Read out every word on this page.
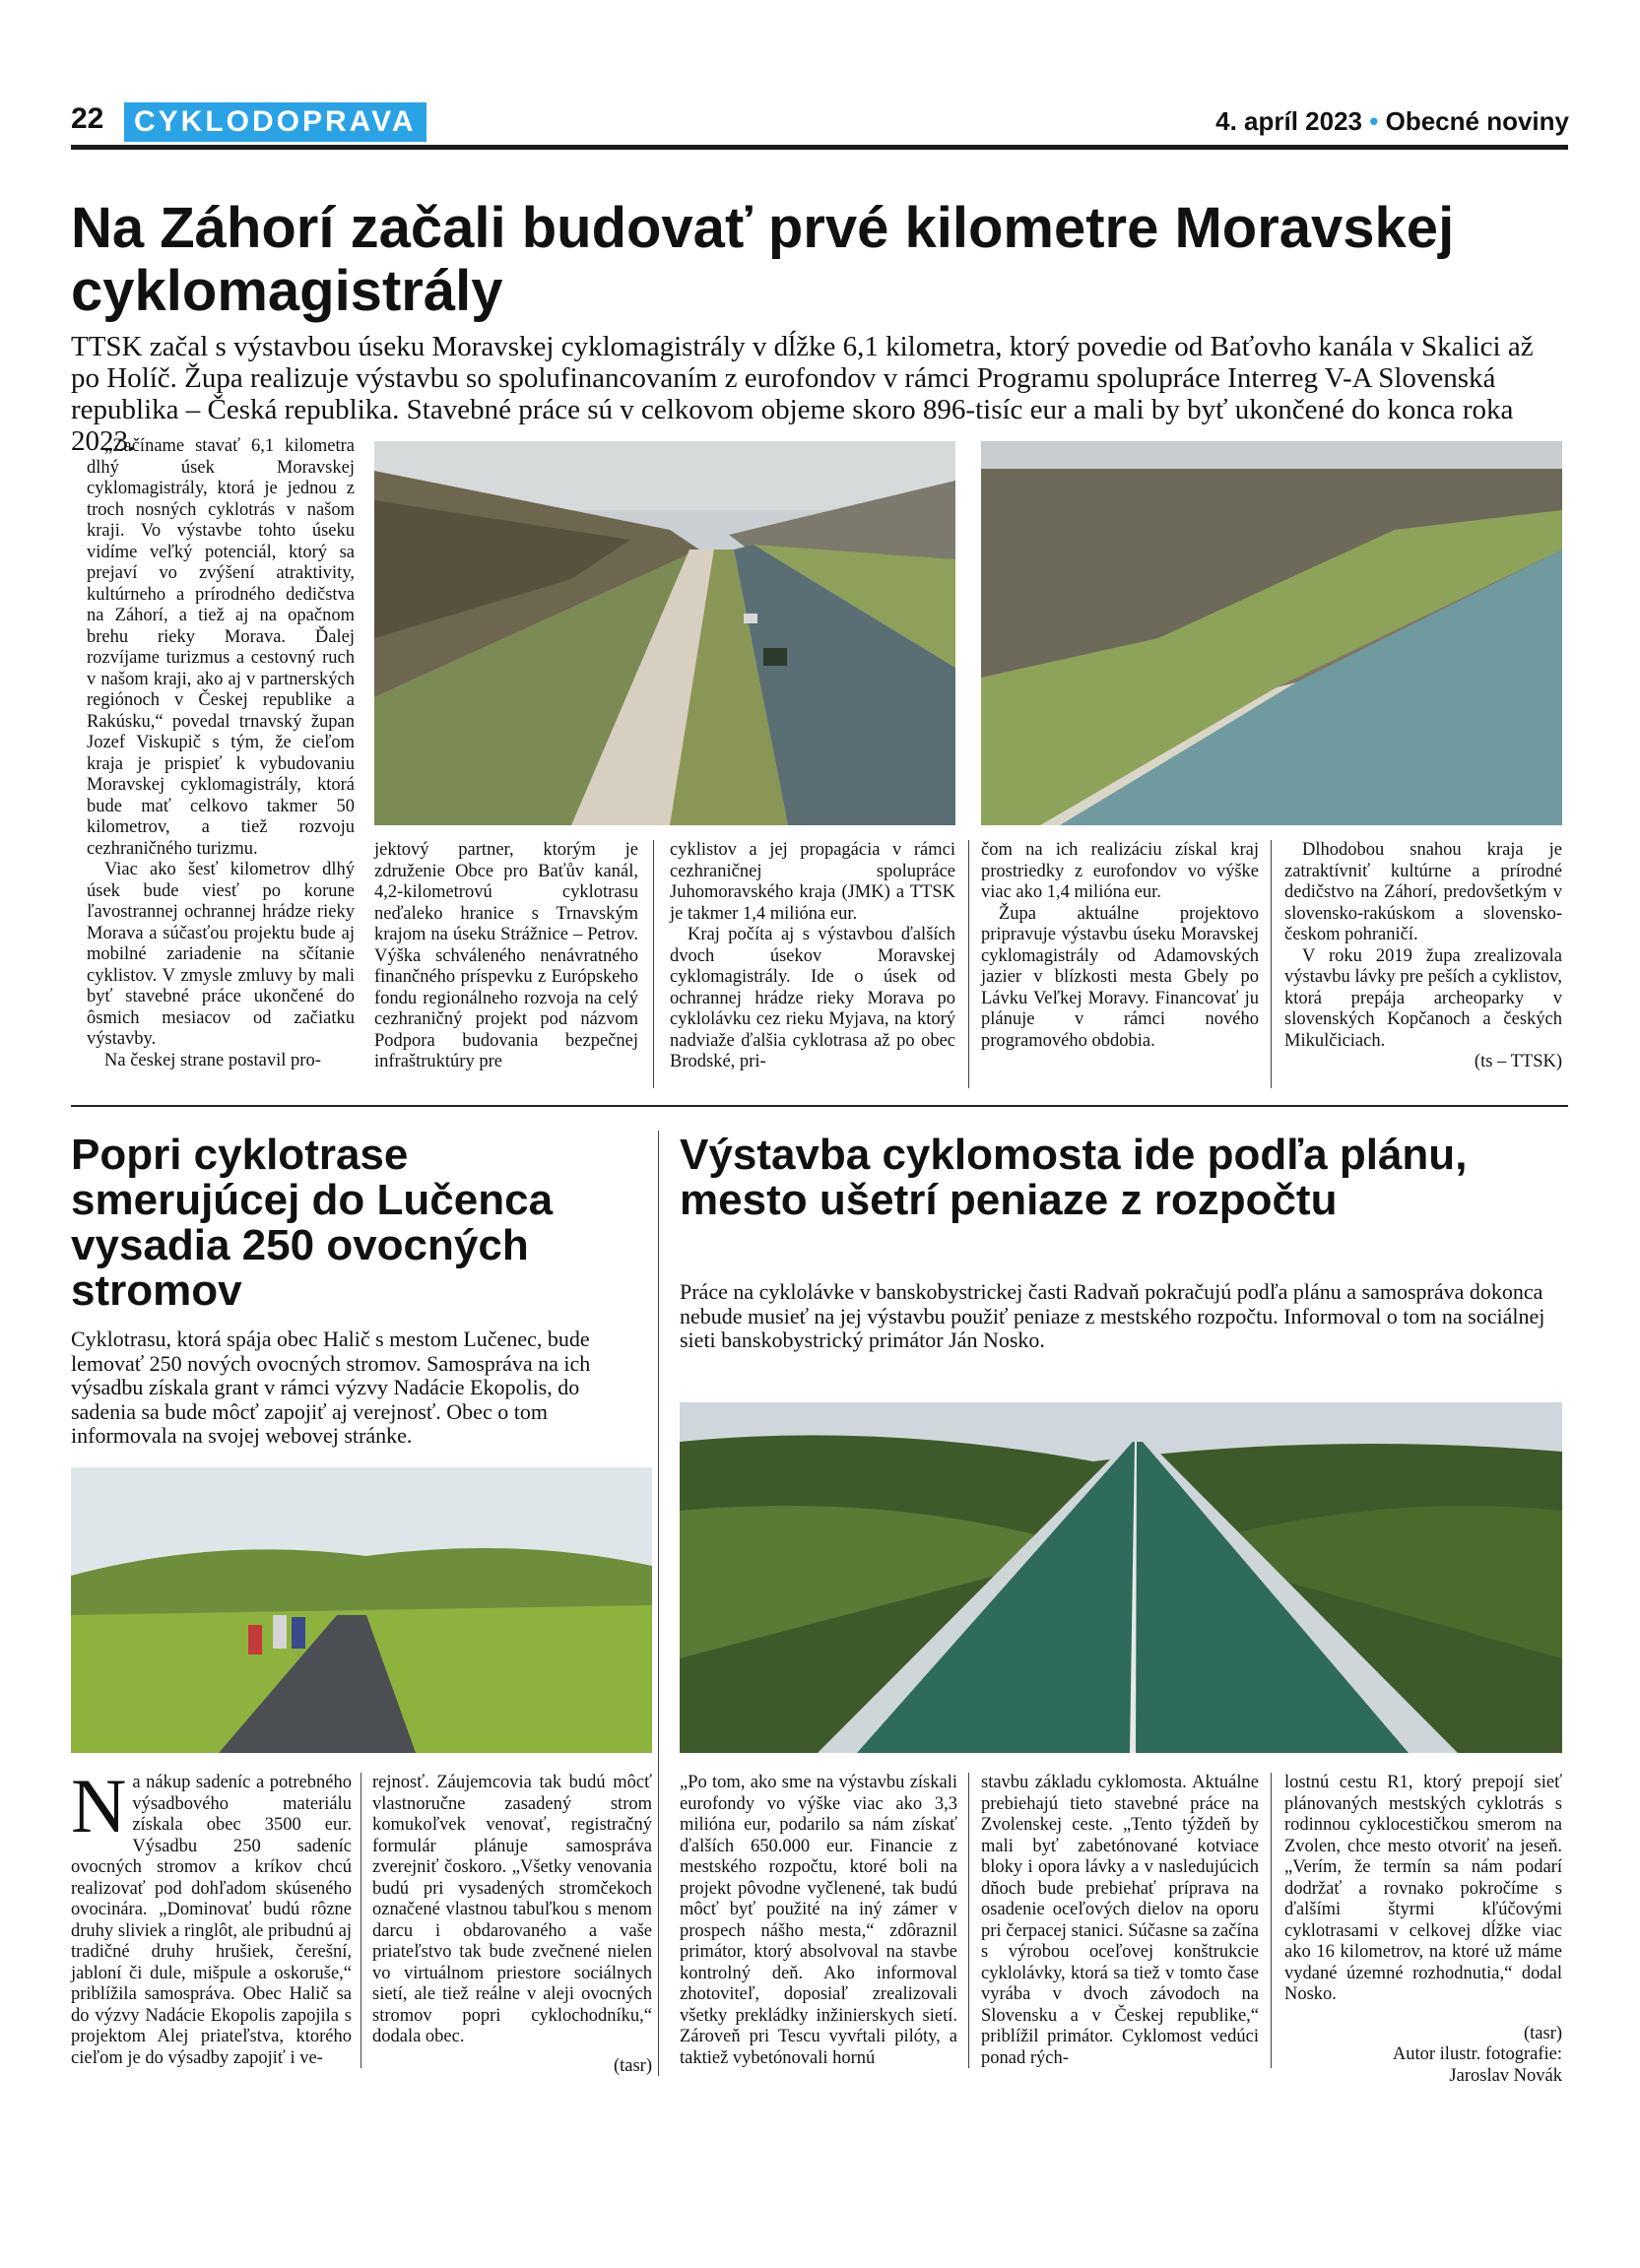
22	CYKLODOPRAVA	4. apríl 2023 • Obecné noviny
Na Záhorí začali budovať prvé kilometre Moravskej cyklomagistrály
TTSK začal s výstavbou úseku Moravskej cyklomagistrály v dĺžke 6,1 kilometra, ktorý povedie od Baťovho kanála v Skalici až po Holíč. Župa realizuje výstavbu so spolufinancovaním z eurofondov v rámci Programu spolupráce Interreg V-A Slovenská republika – Česká republika. Stavebné práce sú v celkovom objeme skoro 896-tisíc eur a mali by byť ukončené do konca roka 2023.

„Začíname stavať 6,1 kilometra dlhý úsek Moravskej cyklomagistrály, ktorá je jednou z troch nosných cyklotrás v našom kraji. Vo výstavbe tohto úseku vidíme veľký potenciál, ktorý sa prejaví vo zvýšení atraktivity, kultúrneho a prírodného dedičstva na Záhorí, a tiež aj na opačnom brehu rieky Morava. Ďalej rozvíjame turizmus a cestovný ruch v našom kraji, ako aj v partnerských regiónoch v Českej republike a Rakúsku,“ povedal trnavský župan Jozef Viskupič s tým, že cieľom kraja je prispieť k vybudovaniu Moravskej cyklomagistrály, ktorá bude mať celkovo takmer 50 kilometrov, a tiež rozvoju cezhraničného turizmu.

Viac ako šesť kilometrov dlhý úsek bude viesť po korune ľavostrannej ochrannej hrádze rieky Morava a súčasťou projektu bude aj mobilné zariadenie na sčítanie cyklistov. V zmysle zmluvy by mali byť stavebné práce ukončené do ôsmich mesiacov od začiatku výstavby.

Na českej strane postavil pro-

jektový partner, ktorým je združenie Obce pro Baťův kanál, 4,2-kilometrovú cyklotrasu neďaleko hranice s Trnavským krajom na úseku Strážnice – Petrov. Výška schváleného nenávratného finančného príspevku z Európskeho fondu regionálneho rozvoja na celý cezhraničný projekt pod názvom Podpora budovania bezpečnej infraštruktúry pre

cyklistov a jej propagácia v rámci cezhraničnej spolupráce Juhomoravského kraja (JMK) a TTSK je takmer 1,4 milióna eur.

Kraj počíta aj s výstavbou ďalších dvoch úsekov Moravskej cyklomagistrály. Ide o úsek od ochrannej hrádze rieky Morava po cyklolávku cez rieku Myjava, na ktorý nadviaže ďalšia cyklotrasa až po obec Brodské, pri-

čom na ich realizáciu získal kraj prostriedky z eurofondov vo výške viac ako 1,4 milióna eur.

Župa aktuálne projektovo pripravuje výstavbu úseku Moravskej cyklomagistrály od Adamovských jazier v blízkosti mesta Gbely po Lávku Veľkej Moravy. Financovať ju plánuje v rámci nového programového obdobia.

Dlhodobou snahou kraja je zatraktívniť kultúrne a prírodné dedičstvo na Záhorí, predovšetkým v slovensko-rakúskom a slovensko-českom pohraničí.

V roku 2019 župa zrealizovala výstavbu lávky pre peších a cyklistov, ktorá prepája archeoparky v slovenských Kopčanoch a českých Mikulčiciach.

(ts – TTSK)
Popri cyklotrase smerujúcej do Lučenca vysadia 250 ovocných stromov
Cyklotrasu, ktorá spája obec Halič s mestom Lučenec, bude lemovať 250 nových ovocných stromov. Samospráva na ich výsadbu získala grant v rámci výzvy Nadácie Ekopolis, do sadenia sa bude môcť zapojiť aj verejnosť. Obec o tom informovala na svojej webovej stránke.
N a nákup sadeníc a potrebného výsadbového materiálu získala obec 3500 eur. Výsadbu 250 sadeníc ovocných stromov a kríkov chcú realizovať pod dohľadom skúseného ovocinára. „Dominovať budú rôzne druhy sliviek a ringlôt, ale pribudnú aj tradičné druhy hrušiek, čerešní, jabloní či dule, mišpule a oskoruše,“ priblížila samospráva. Obec Halič sa do výzvy Nadácie Ekopolis zapojila s projektom Alej priateľstva, ktorého cieľom je do výsadby zapojiť i ve-

rejnosť. Záujemcovia tak budú môcť vlastnoručne zasadený strom komukoľvek venovať, registračný formulár plánuje samospráva zverejniť čoskoro. „Všetky venovania budú pri vysadených stromčekoch označené vlastnou tabuľkou s menom darcu i obdarovaného a vaše priateľstvo tak bude zvečnené nielen vo virtuálnom priestore sociálnych sietí, ale tiež reálne v aleji ovocných stromov popri cyklochodníku,“ dodala obec.

(tasr)
Výstavba cyklomosta ide podľa plánu, mesto ušetrí peniaze z rozpočtu
Práce na cyklolávke v banskobystrickej časti Radvaň pokračujú podľa plánu a samospráva dokonca nebude musieť na jej výstavbu použiť peniaze z mestského rozpočtu. Informoval o tom na sociálnej sieti banskobystrický primátor Ján Nosko.

„Po tom, ako sme na výstavbu získali eurofondy vo výške viac ako 3,3 milióna eur, podarilo sa nám získať ďalších 650.000 eur. Financie z mestského rozpočtu, ktoré boli na projekt pôvodne vyčlenené, tak budú môcť byť použité na iný zámer v prospech nášho mesta,“ zdôraznil primátor, ktorý absolvoval na stavbe kontrolný deň. Ako informoval zhotoviteľ, doposiaľ zrealizovali všetky prekládky inžinierskych sietí. Zároveň pri Tescu vyvŕtali pilóty, a taktiež vybetónovali hornú

stavbu základu cyklomosta. Aktuálne prebiehajú tieto stavebné práce na Zvolenskej ceste. „Tento týždeň by mali byť zabetónované kotviace bloky i opora lávky a v nasledujúcich dňoch bude prebiehať príprava na osadenie oceľových dielov na oporu pri čerpacej stanici. Súčasne sa začína s výrobou oceľovej konštrukcie cyklolávky, ktorá sa tiež v tomto čase vyrába v dvoch závodoch na Slovensku a v Českej republike,“ priblížil primátor. Cyklomost vedúci ponad rých-

lostnú cestu R1, ktorý prepojí sieť plánovaných mestských cyklotrás s rodinnou cyklocestičkou smerom na Zvolen, chce mesto otvoriť na jeseň. „Verím, že termín sa nám podarí dodržať a rovnako pokročíme s ďalšími štyrmi kľúčovými cyklotrasami v celkovej dĺžke viac ako 16 kilometrov, na ktoré už máme vydané územné rozhodnutia,“ dodal Nosko.

(tasr)
Autor ilustr. fotografie:
Jaroslav Novák
